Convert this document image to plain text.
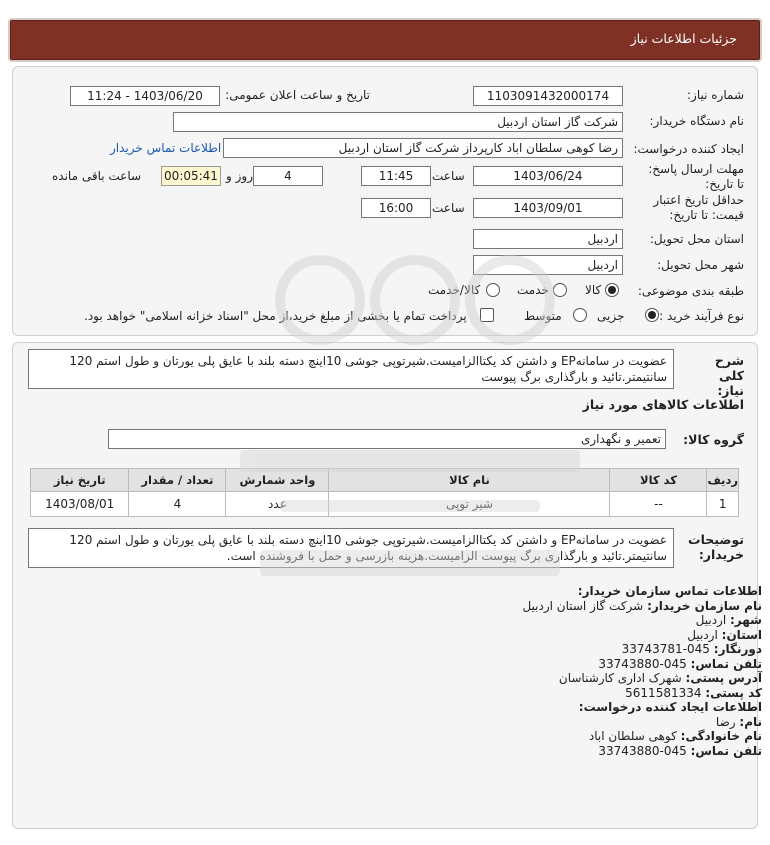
جزئیات اطلاعات نیاز
شماره نیاز:
1103091432000174
تاریخ و ساعت اعلان عمومی:
1403/06/20 - 11:24
نام دستگاه خریدار:
شرکت گاز استان اردبیل
ایجاد کننده درخواست:
رضا کوهی سلطان اباد کارپرداز شرکت گاز استان اردبیل
اطلاعات تماس خریدار
مهلت ارسال پاسخ: تا تاریخ:
1403/06/24
ساعت
11:45
4
روز و
00:05:41
ساعت باقی مانده
حداقل تاریخ اعتبار قیمت: تا تاریخ:
1403/09/01
ساعت
16:00
استان محل تحویل:
اردبیل
شهر محل تحویل:
اردبیل
طبقه بندی موضوعی:
کالا
خدمت
کالا/خدمت
نوع فرآیند خرید :
جزیی
متوسط
پرداخت تمام یا بخشی از مبلغ خرید،از محل "اسناد خزانه اسلامی" خواهد بود.
شرح کلی نیاز:
عضویت در سامانهEP و داشتن کد یکتاالزامیست.شیرتوپی جوشی 10اینچ دسته بلند با عایق پلی یورتان و طول استم 120 سانتیمتر.تائید و بارگذاری برگ پیوست
اطلاعات کالاهای مورد نیاز
گروه کالا:
تعمیر و نگهداری
ردیف	کد کالا	نام کالا	واحد شمارش	تعداد / مقدار	تاریخ نیاز
1	--	شیر توپی	عدد	4	1403/08/01
توضیحات خریدار:
عضویت در سامانهEP و داشتن کد یکتاالزامیست.شیرتوپی جوشی 10اینچ دسته بلند با عایق پلی یورتان و طول استم 120 سانتیمتر.تائید و بارگذاری برگ پیوست الزامیست.هزینه بازرسی و حمل با فروشنده است.
اطلاعات تماس سازمان خریدار:
نام سازمان خریدار: شرکت گاز استان اردبیل
شهر: اردبیل
استان: اردبیل
دورنگار: 045-33743781
تلفن تماس: 045-33743880
آدرس پستی: شهرک اداری کارشناسان
کد پستی: 5611581334
اطلاعات ایجاد کننده درخواست:
نام: رضا
نام خانوادگی: کوهی سلطان اباد
تلفن تماس: 045-33743880
